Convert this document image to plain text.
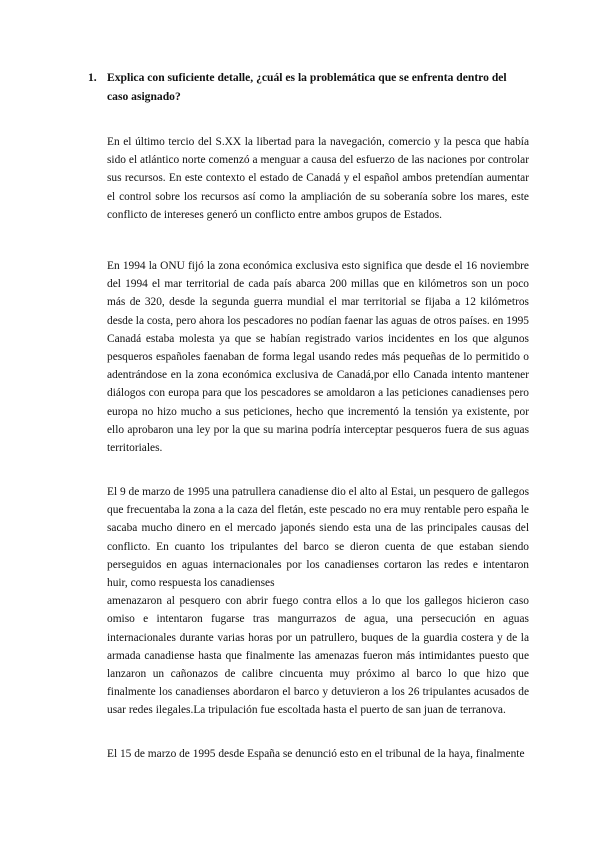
1. Explica con suficiente detalle, ¿cuál es la problemática que se enfrenta dentro del caso asignado?

En el último tercio del S.XX la libertad para la navegación, comercio y la pesca que había sido el atlántico norte comenzó a menguar a causa del esfuerzo de las naciones por controlar sus recursos. En este contexto el estado de Canadá y el español ambos pretendían aumentar el control sobre los recursos así como la ampliación de su soberanía sobre los mares, este conflicto de intereses generó un conflicto entre ambos grupos de Estados.

En 1994 la ONU fijó la zona económica exclusiva esto significa que desde el 16 noviembre del 1994 el mar territorial de cada país abarca 200 millas que en kilómetros son un poco más de 320, desde la segunda guerra mundial el mar territorial se fijaba a 12 kilómetros desde la costa, pero ahora los pescadores no podían faenar las aguas de otros países. en 1995 Canadá estaba molesta ya que se habían registrado varios incidentes en los que algunos pesqueros españoles faenaban de forma legal usando redes más pequeñas de lo permitido o adentrándose en la zona económica exclusiva de Canadá,por ello Canada intento mantener diálogos con europa para que los pescadores se amoldaron a las peticiones canadienses pero europa no hizo mucho a sus peticiones, hecho que incrementó la tensión ya existente, por ello aprobaron una ley por la que su marina podría interceptar pesqueros fuera de sus aguas territoriales.

El 9 de marzo de 1995 una patrullera canadiense dio el alto al Estai, un pesquero de gallegos que frecuentaba la zona a la caza del fletán, este pescado no era muy rentable pero españa le sacaba mucho dinero en el mercado japonés siendo esta una de las principales causas del conflicto. En cuanto los tripulantes del barco se dieron cuenta de que estaban siendo perseguidos en aguas internacionales por los canadienses cortaron las redes e intentaron huir, como respuesta los canadienses
amenazaron al pesquero con abrir fuego contra ellos a lo que los gallegos hicieron caso omiso e intentaron fugarse tras mangurrazos de agua, una persecución en aguas internacionales durante varias horas por un patrullero, buques de la guardia costera y de la armada canadiense hasta que finalmente las amenazas fueron más intimidantes puesto que lanzaron un cañonazos de calibre cincuenta muy próximo al barco lo que hizo que finalmente los canadienses abordaron el barco y detuvieron a los 26 tripulantes acusados de usar redes ilegales.La tripulación fue escoltada hasta el puerto de san juan de terranova.

El 15 de marzo de 1995 desde España se denunció esto en el tribunal de la haya, finalmente
